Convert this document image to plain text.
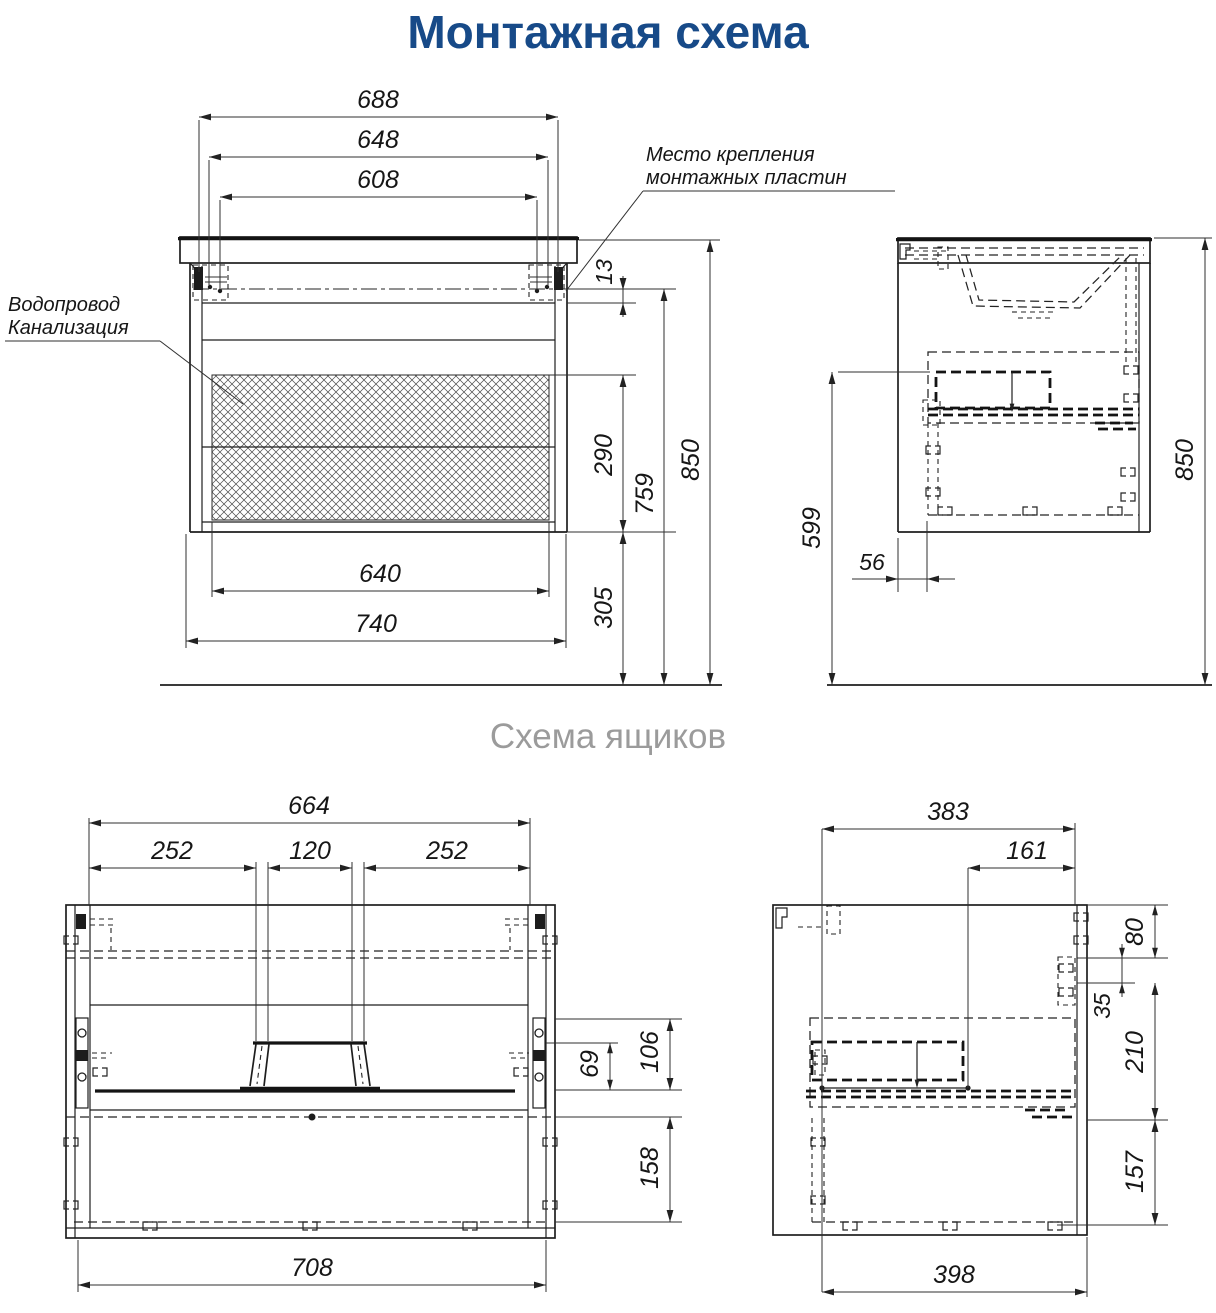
Монтажная схема
Схема ящиков
688
648
608
640
740
13
290
305
759
850
Место крепления
монтажных пластин
Водопровод
Канализация
599
56
850
664
252	120	252
69 106
158
708
383
161
80
35
210
157
398
